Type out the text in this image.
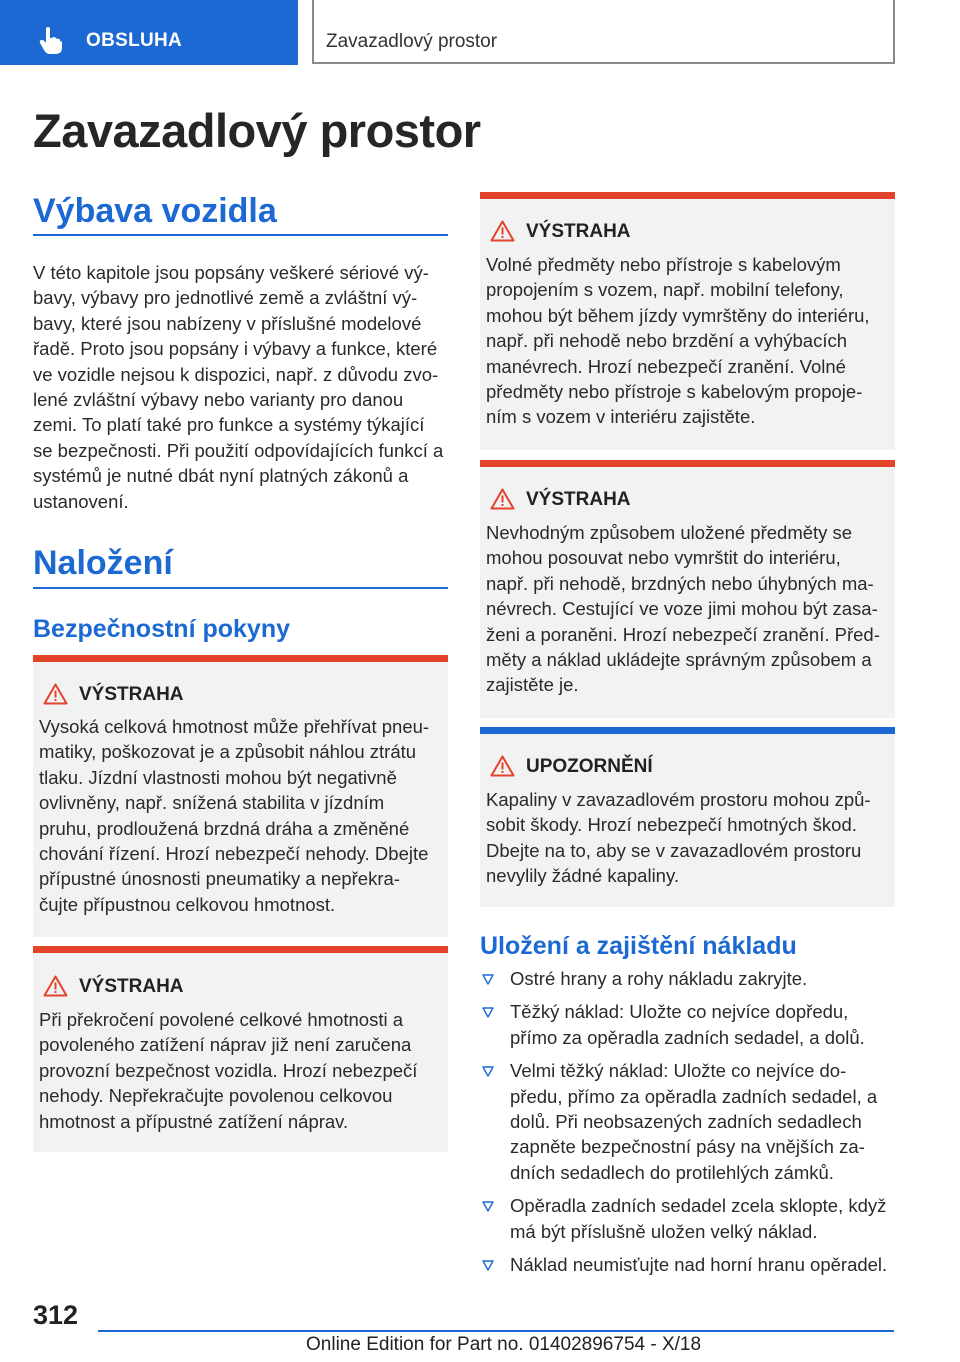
OBSLUHA	Zavazadlový prostor
Zavazadlový prostor
Výbava vozidla
V této kapitole jsou popsány veškeré sériové vý-
bavy, výbavy pro jednotlivé země a zvláštní vý-
bavy, které jsou nabízeny v příslušné modelové
řadě. Proto jsou popsány i výbavy a funkce, které
ve vozidle nejsou k dispozici, např. z důvodu zvo-
lené zvláštní výbavy nebo varianty pro danou
zemi. To platí také pro funkce a systémy týkající
se bezpečnosti. Při použití odpovídajících funkcí a
systémů je nutné dbát nyní platných zákonů a
ustanovení.
Naložení
Bezpečnostní pokyny
VÝSTRAHA
Vysoká celková hmotnost může přehřívat pneu-
matiky, poškozovat je a způsobit náhlou ztrátu
tlaku. Jízdní vlastnosti mohou být negativně
ovlivněny, např. snížená stabilita v jízdním
pruhu, prodloužená brzdná dráha a změněné
chování řízení. Hrozí nebezpečí nehody. Dbejte
přípustné únosnosti pneumatiky a nepřekra-
čujte přípustnou celkovou hmotnost.
VÝSTRAHA
Při překročení povolené celkové hmotnosti a
povoleného zatížení náprav již není zaručena
provozní bezpečnost vozidla. Hrozí nebezpečí
nehody. Nepřekračujte povolenou celkovou
hmotnost a přípustné zatížení náprav.
VÝSTRAHA
Volné předměty nebo přístroje s kabelovým
propojením s vozem, např. mobilní telefony,
mohou být během jízdy vymrštěny do interiéru,
např. při nehodě nebo brzdění a vyhýbacích
manévrech. Hrozí nebezpečí zranění. Volné
předměty nebo přístroje s kabelovým propoje-
ním s vozem v interiéru zajistěte.
VÝSTRAHA
Nevhodným způsobem uložené předměty se
mohou posouvat nebo vymrštit do interiéru,
např. při nehodě, brzdných nebo úhybných ma-
névrech. Cestující ve voze jimi mohou být zasa-
ženi a poraněni. Hrozí nebezpečí zranění. Před-
měty a náklad ukládejte správným způsobem a
zajistěte je.
UPOZORNĚNÍ
Kapaliny v zavazadlovém prostoru mohou způ-
sobit škody. Hrozí nebezpečí hmotných škod.
Dbejte na to, aby se v zavazadlovém prostoru
nevylily žádné kapaliny.
Uložení a zajištění nákladu
Ostré hrany a rohy nákladu zakryjte.
Těžký náklad: Uložte co nejvíce dopředu,
přímo za opěradla zadních sedadel, a dolů.
Velmi těžký náklad: Uložte co nejvíce do-
předu, přímo za opěradla zadních sedadel, a
dolů. Při neobsazených zadních sedadlech
zapněte bezpečnostní pásy na vnějších za-
dních sedadlech do protilehlých zámků.
Opěradla zadních sedadel zcela sklopte, když
má být příslušně uložen velký náklad.
Náklad neumisťujte nad horní hranu opěradel.
312
Online Edition for Part no. 01402896754 - X/18
